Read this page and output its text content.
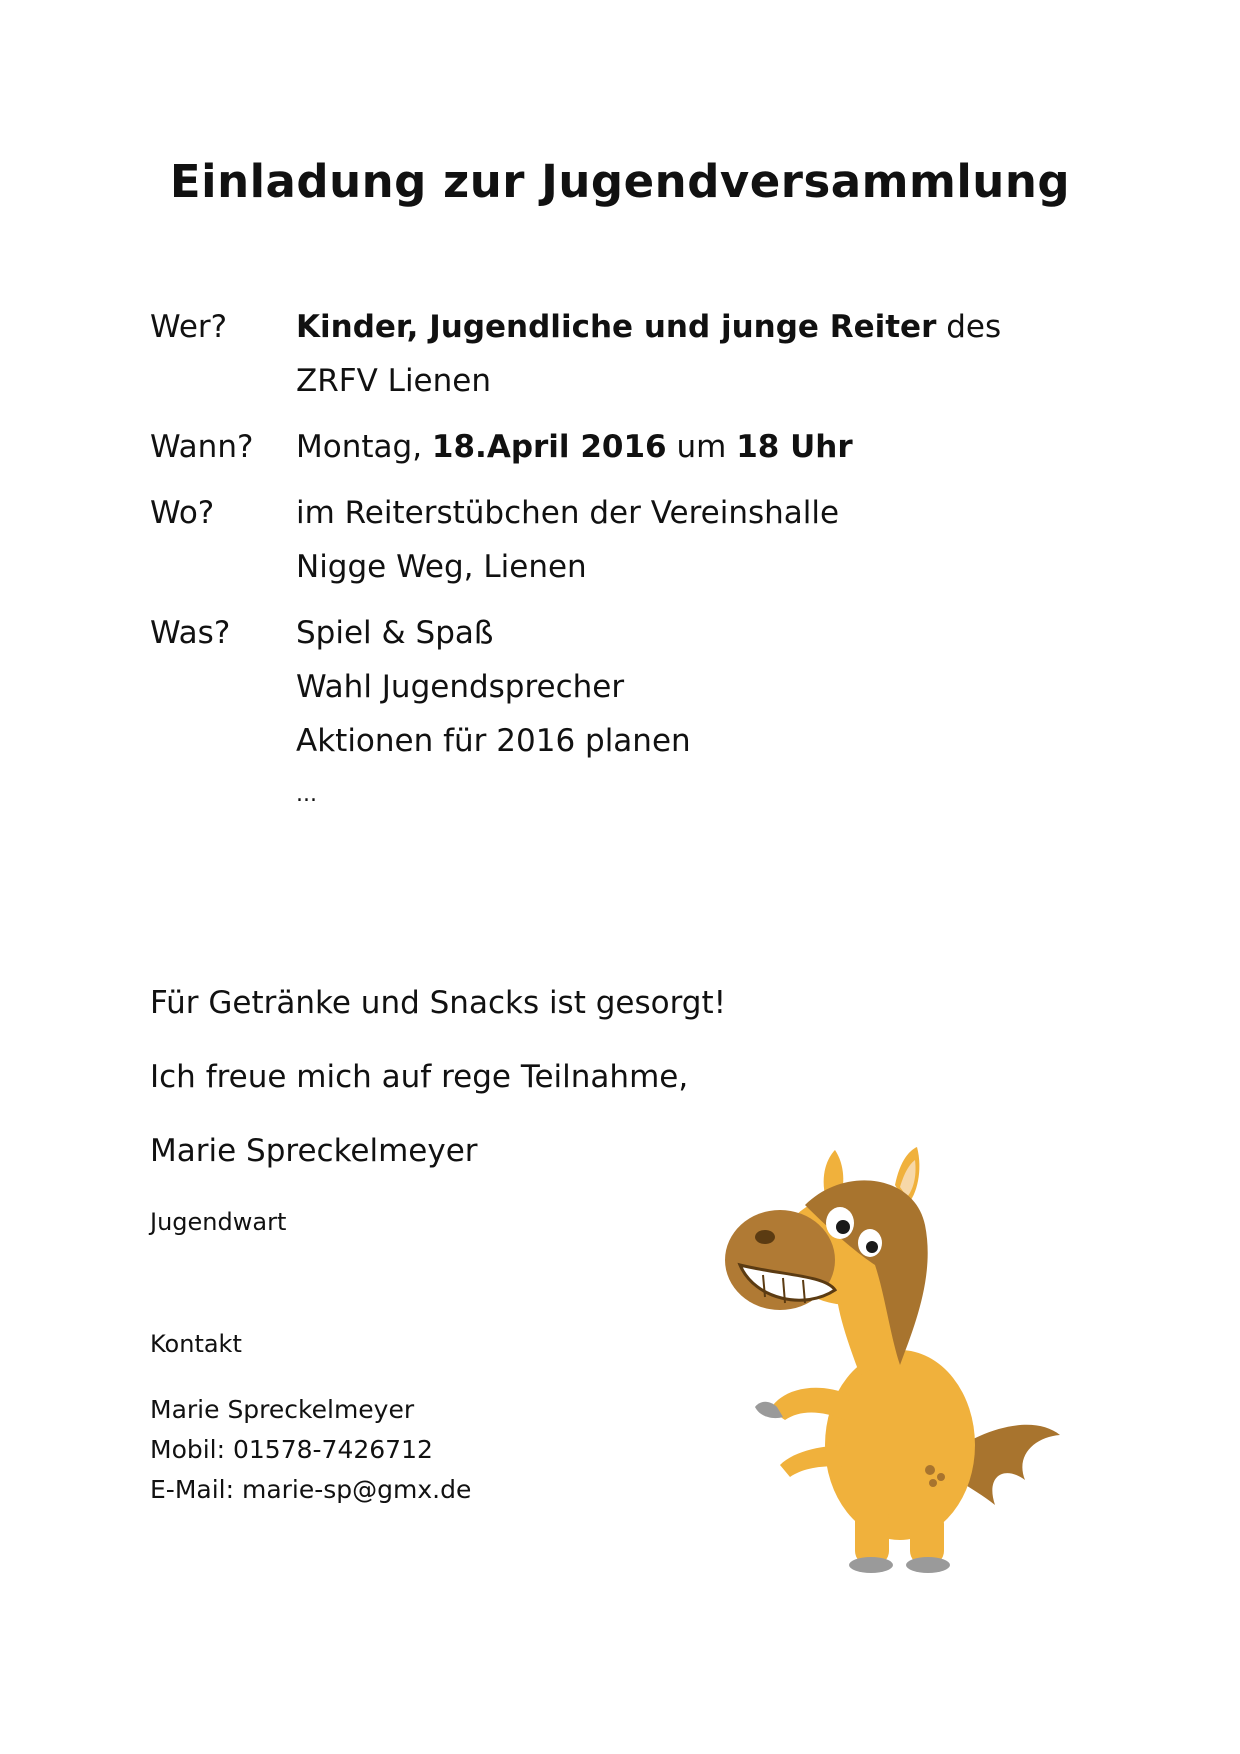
Einladung zur Jugendversammlung
Wer?	Kinder, Jugendliche und junge Reiter des
ZRFV Lienen
Wann?	Montag, 18.April 2016 um 18 Uhr
Wo?	im Reiterstübchen der Vereinshalle
Nigge Weg, Lienen
Was?	Spiel & Spaß
Wahl Jugendsprecher
Aktionen für 2016 planen
...
Für Getränke und Snacks ist gesorgt!
Ich freue mich auf rege Teilnahme,
Marie Spreckelmeyer
Jugendwart
Kontakt
Marie Spreckelmeyer
Mobil: 01578-7426712
E-Mail: marie-sp@gmx.de
